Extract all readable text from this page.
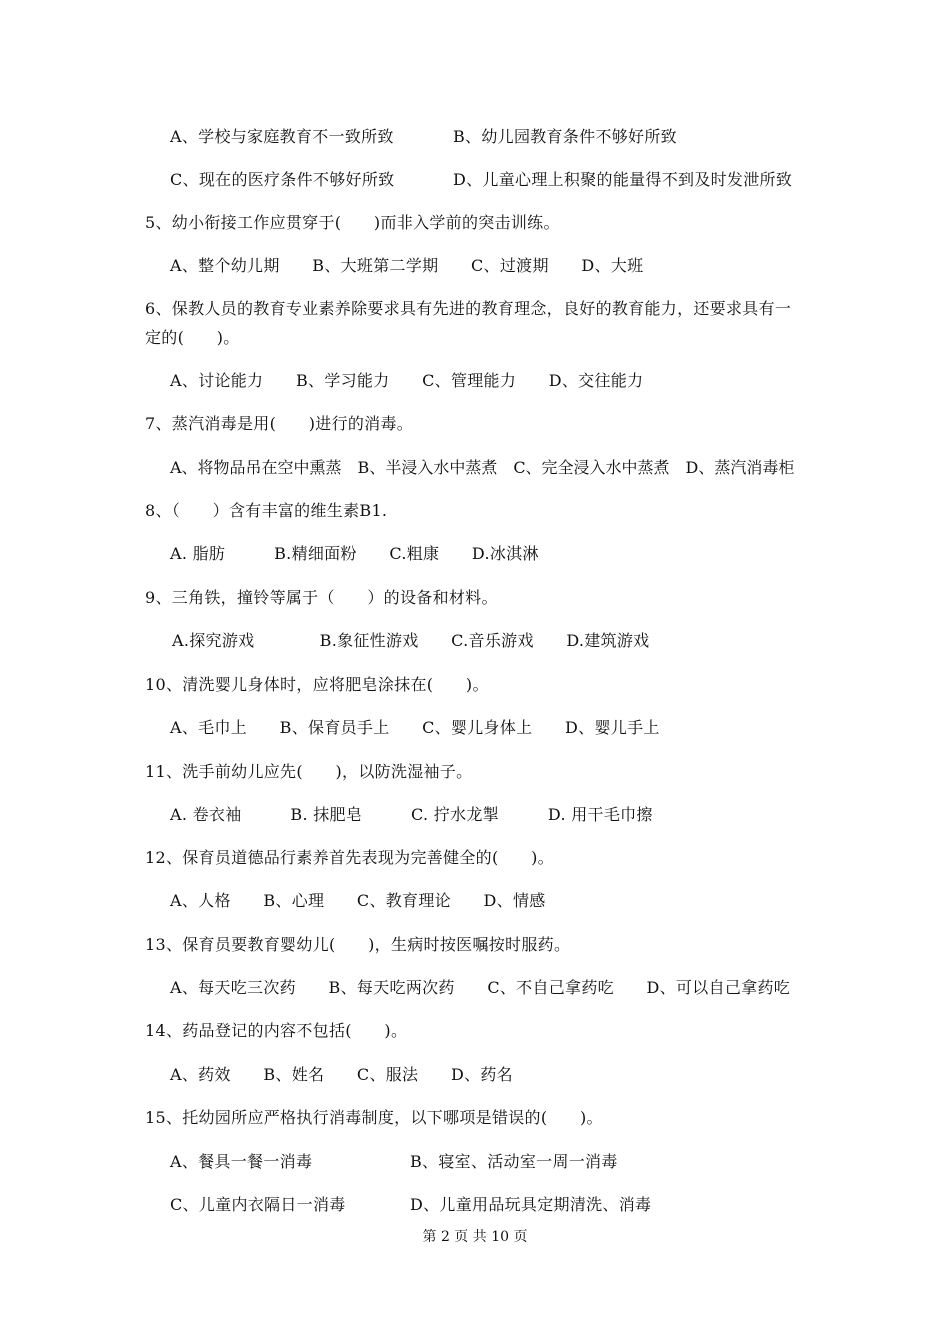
A、学校与家庭教育不一致所致	B、幼儿园教育条件不够好所致
C、现在的医疗条件不够好所致	D、儿童心理上积聚的能量得不到及时发泄所致
5、幼小衔接工作应贯穿于(　　)而非入学前的突击训练。
A、整个幼儿期　　B、大班第二学期　　C、过渡期　　D、大班
6、保教人员的教育专业素养除要求具有先进的教育理念，良好的教育能力，还要求具有一
定的(　　)。
A、讨论能力　　B、学习能力　　C、管理能力　　D、交往能力
7、蒸汽消毒是用(　　)进行的消毒。
A、将物品吊在空中熏蒸　B、半浸入水中蒸煮　C、完全浸入水中蒸煮　D、蒸汽消毒柜
8、（　　）含有丰富的维生素B1.
A. 脂肪　　　B.精细面粉　　C.粗康　　D.冰淇淋
9、三角铁，撞铃等属于（　　）的设备和材料。
A.探究游戏　　　　B.象征性游戏　　C.音乐游戏　　D.建筑游戏
10、清洗婴儿身体时，应将肥皂涂抹在(　　)。
A、毛巾上　　B、保育员手上　　C、婴儿身体上　　D、婴儿手上
11、洗手前幼儿应先(　　)，以防洗湿袖子。
A. 卷衣袖　　　B. 抹肥皂　　　C. 拧水龙掣　　　D. 用干毛巾擦
12、保育员道德品行素养首先表现为完善健全的(　　)。
A、人格　　B、心理　　C、教育理论　　D、情感
13、保育员要教育婴幼儿(　　)，生病时按医嘱按时服药。
A、每天吃三次药　　B、每天吃两次药　　C、不自己拿药吃　　D、可以自己拿药吃
14、药品登记的内容不包括(　　)。
A、药效　　B、姓名　　C、服法　　D、药名
15、托幼园所应严格执行消毒制度，以下哪项是错误的(　　)。
A、餐具一餐一消毒	B、寝室、活动室一周一消毒
C、儿童内衣隔日一消毒	D、儿童用品玩具定期清洗、消毒
第 2 页 共 10 页
